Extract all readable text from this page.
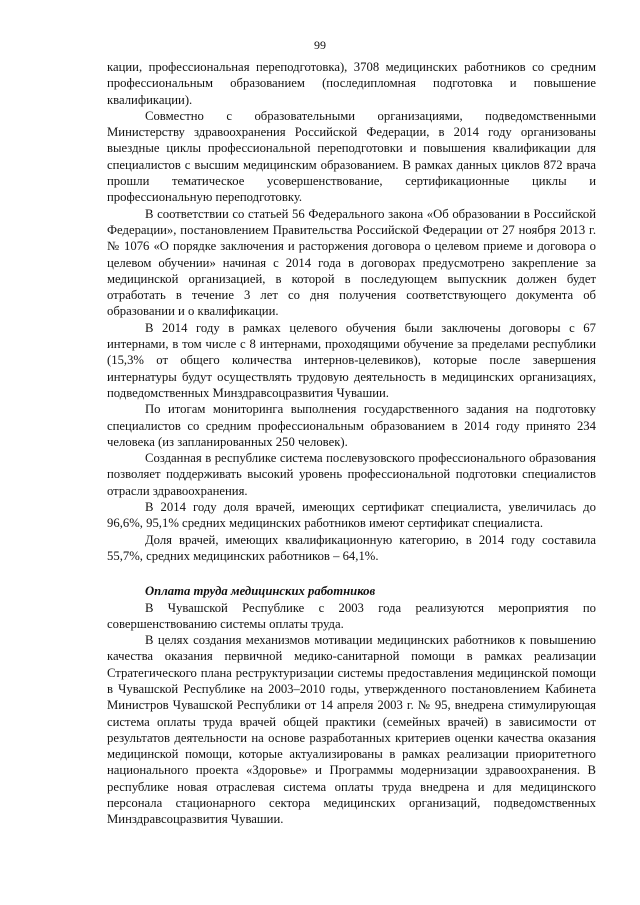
99

кации, профессиональная переподготовка), 3708 медицинских работников со средним профессиональным образованием (последипломная подготовка и повышение квалификации).

Совместно с образовательными организациями, подведомственными Министерству здравоохранения Российской Федерации, в 2014 году организованы выездные циклы профессиональной переподготовки и повышения квалификации для специалистов с высшим медицинским образованием. В рамках данных циклов 872 врача прошли тематическое усовершенствование, сертификационные циклы и профессиональную переподготовку.

В соответствии со статьей 56 Федерального закона «Об образовании в Российской Федерации», постановлением Правительства Российской Федерации от 27 ноября 2013 г. № 1076 «О порядке заключения и расторжения договора о целевом приеме и договора о целевом обучении» начиная с 2014 года в договорах предусмотрено закрепление за медицинской организацией, в которой в последующем выпускник должен будет отработать в течение 3 лет со дня получения соответствующего документа об образовании и о квалификации.

В 2014 году в рамках целевого обучения были заключены договоры с 67 интернами, в том числе с 8 интернами, проходящими обучение за пределами республики (15,3% от общего количества интернов-целевиков), которые после завершения интернатуры будут осуществлять трудовую деятельность в медицинских организациях, подведомственных Минздравсоцразвития Чувашии.

По итогам мониторинга выполнения государственного задания на подготовку специалистов со средним профессиональным образованием в 2014 году принято 234 человека (из запланированных 250 человек).

Созданная в республике система послевузовского профессионального образования позволяет поддерживать высокий уровень профессиональной подготовки специалистов отрасли здравоохранения.

В 2014 году доля врачей, имеющих сертификат специалиста, увеличилась до 96,6%, 95,1% средних медицинских работников имеют сертификат специалиста.

Доля врачей, имеющих квалификационную категорию, в 2014 году составила 55,7%, средних медицинских работников – 64,1%.

Оплата труда медицинских работников

В Чувашской Республике с 2003 года реализуются мероприятия по совершенствованию системы оплаты труда.

В целях создания механизмов мотивации медицинских работников к повышению качества оказания первичной медико-санитарной помощи в рамках реализации Стратегического плана реструктуризации системы предоставления медицинской помощи в Чувашской Республике на 2003–2010 годы, утвержденного постановлением Кабинета Министров Чувашской Республики от 14 апреля 2003 г. № 95, внедрена стимулирующая система оплаты труда врачей общей практики (семейных врачей) в зависимости от результатов деятельности на основе разработанных критериев оценки качества оказания медицинской помощи, которые актуализированы в рамках реализации приоритетного национального проекта «Здоровье» и Программы модернизации здравоохранения. В республике новая отраслевая система оплаты труда внедрена и для медицинского персонала стационарного сектора медицинских организаций, подведомственных Минздравсоцразвития Чувашии.
